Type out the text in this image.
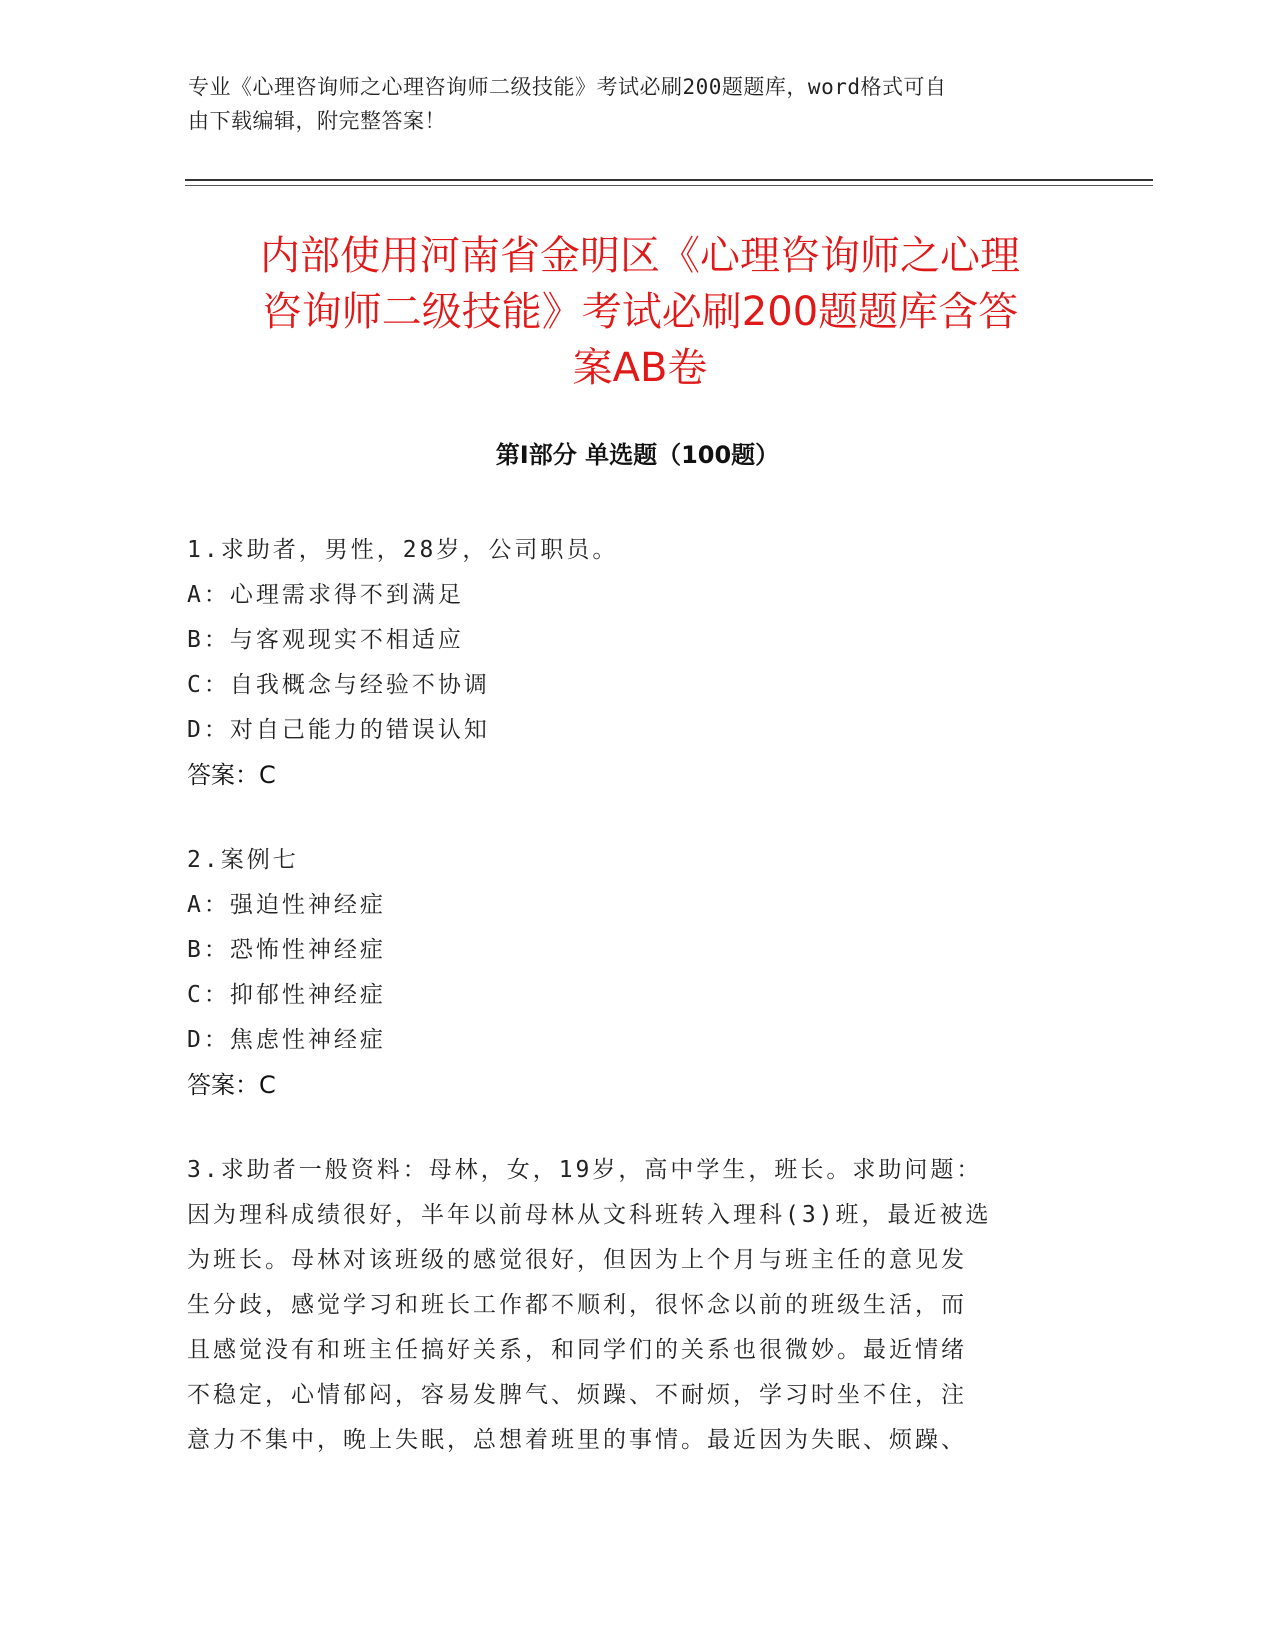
专业《心理咨询师之心理咨询师二级技能》考试必刷200题题库，word格式可自
由下载编辑，附完整答案！
内部使用河南省金明区《心理咨询师之心理
咨询师二级技能》考试必刷200题题库含答
案AB卷
第Ⅰ部分 单选题（100题）
1.求助者，男性，28岁，公司职员。
A：心理需求得不到满足
B：与客观现实不相适应
C：自我概念与经验不协调
D：对自己能力的错误认知
答案：C
2.案例七
A：强迫性神经症
B：恐怖性神经症
C：抑郁性神经症
D：焦虑性神经症
答案：C
3.求助者一般资料：母林，女，19岁，高中学生，班长。求助问题：
因为理科成绩很好，半年以前母林从文科班转入理科(3)班，最近被选
为班长。母林对该班级的感觉很好，但因为上个月与班主任的意见发
生分歧，感觉学习和班长工作都不顺利，很怀念以前的班级生活，而
且感觉没有和班主任搞好关系，和同学们的关系也很微妙。最近情绪
不稳定，心情郁闷，容易发脾气、烦躁、不耐烦，学习时坐不住，注
意力不集中，晚上失眠，总想着班里的事情。最近因为失眠、烦躁、
